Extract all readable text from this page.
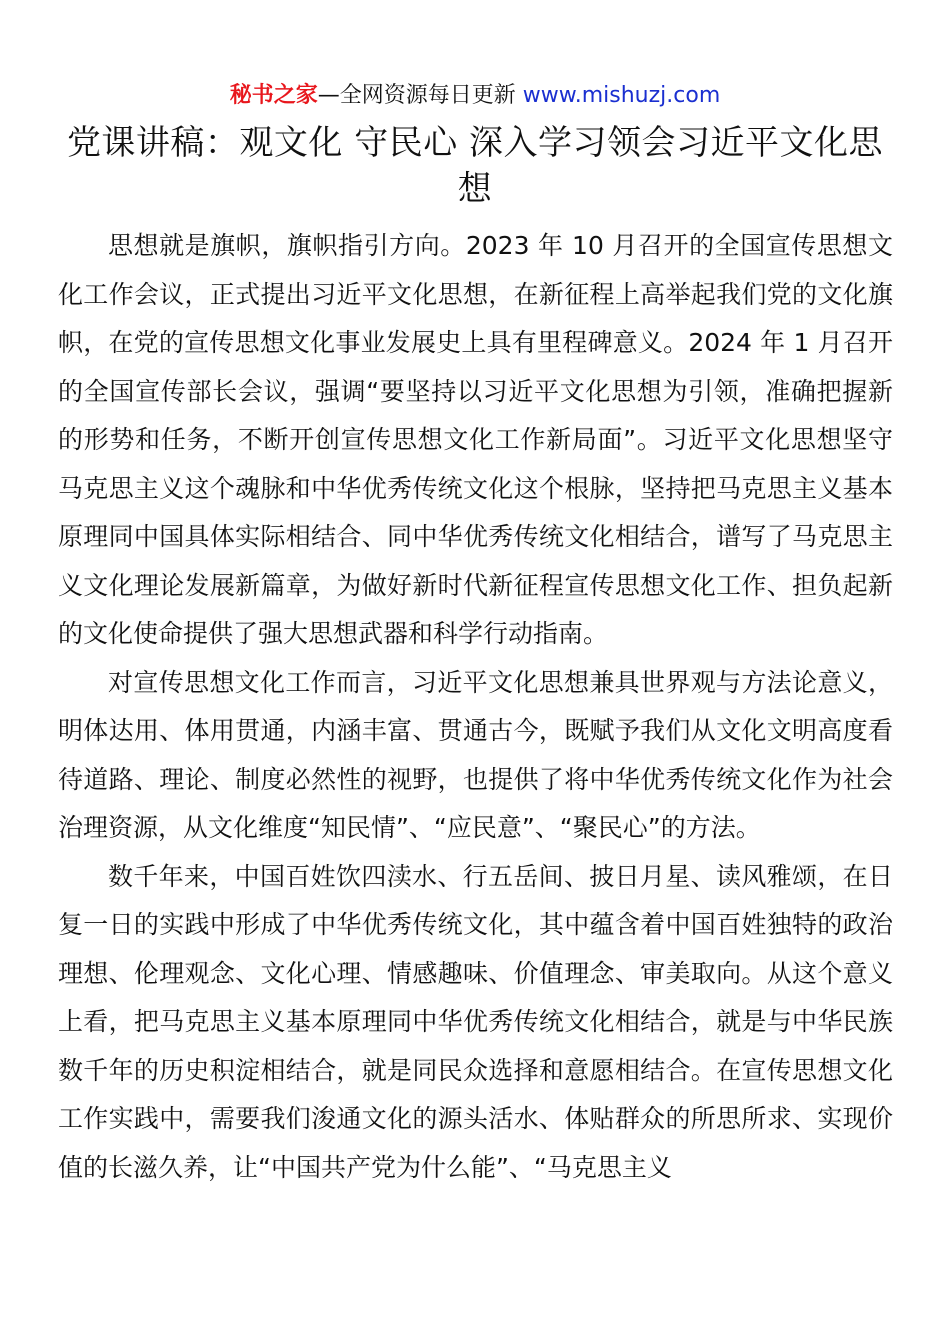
秘书之家—全网资源每日更新 www.mishuzj.com
党课讲稿：观文化 守民心 深入学习领会习近平文化思想

思想就是旗帜，旗帜指引方向。2023 年 10 月召开的全国宣传思想文化工作会议，正式提出习近平文化思想，在新征程上高举起我们党的文化旗帜，在党的宣传思想文化事业发展史上具有里程碑意义。2024 年 1 月召开的全国宣传部长会议，强调“要坚持以习近平文化思想为引领，准确把握新的形势和任务，不断开创宣传思想文化工作新局面”。习近平文化思想坚守马克思主义这个魂脉和中华优秀传统文化这个根脉，坚持把马克思主义基本原理同中国具体实际相结合、同中华优秀传统文化相结合，谱写了马克思主义文化理论发展新篇章，为做好新时代新征程宣传思想文化工作、担负起新的文化使命提供了强大思想武器和科学行动指南。

对宣传思想文化工作而言，习近平文化思想兼具世界观与方法论意义，明体达用、体用贯通，内涵丰富、贯通古今，既赋予我们从文化文明高度看待道路、理论、制度必然性的视野，也提供了将中华优秀传统文化作为社会治理资源，从文化维度“知民情”、“应民意”、“聚民心”的方法。

数千年来，中国百姓饮四渎水、行五岳间、披日月星、读风雅颂，在日复一日的实践中形成了中华优秀传统文化，其中蕴含着中国百姓独特的政治理想、伦理观念、文化心理、情感趣味、价值理念、审美取向。从这个意义上看，把马克思主义基本原理同中华优秀传统文化相结合，就是与中华民族数千年的历史积淀相结合，就是同民众选择和意愿相结合。在宣传思想文化工作实践中，需要我们浚通文化的源头活水、体贴群众的所思所求、实现价值的长滋久养，让“中国共产党为什么能”、“马克思主义
